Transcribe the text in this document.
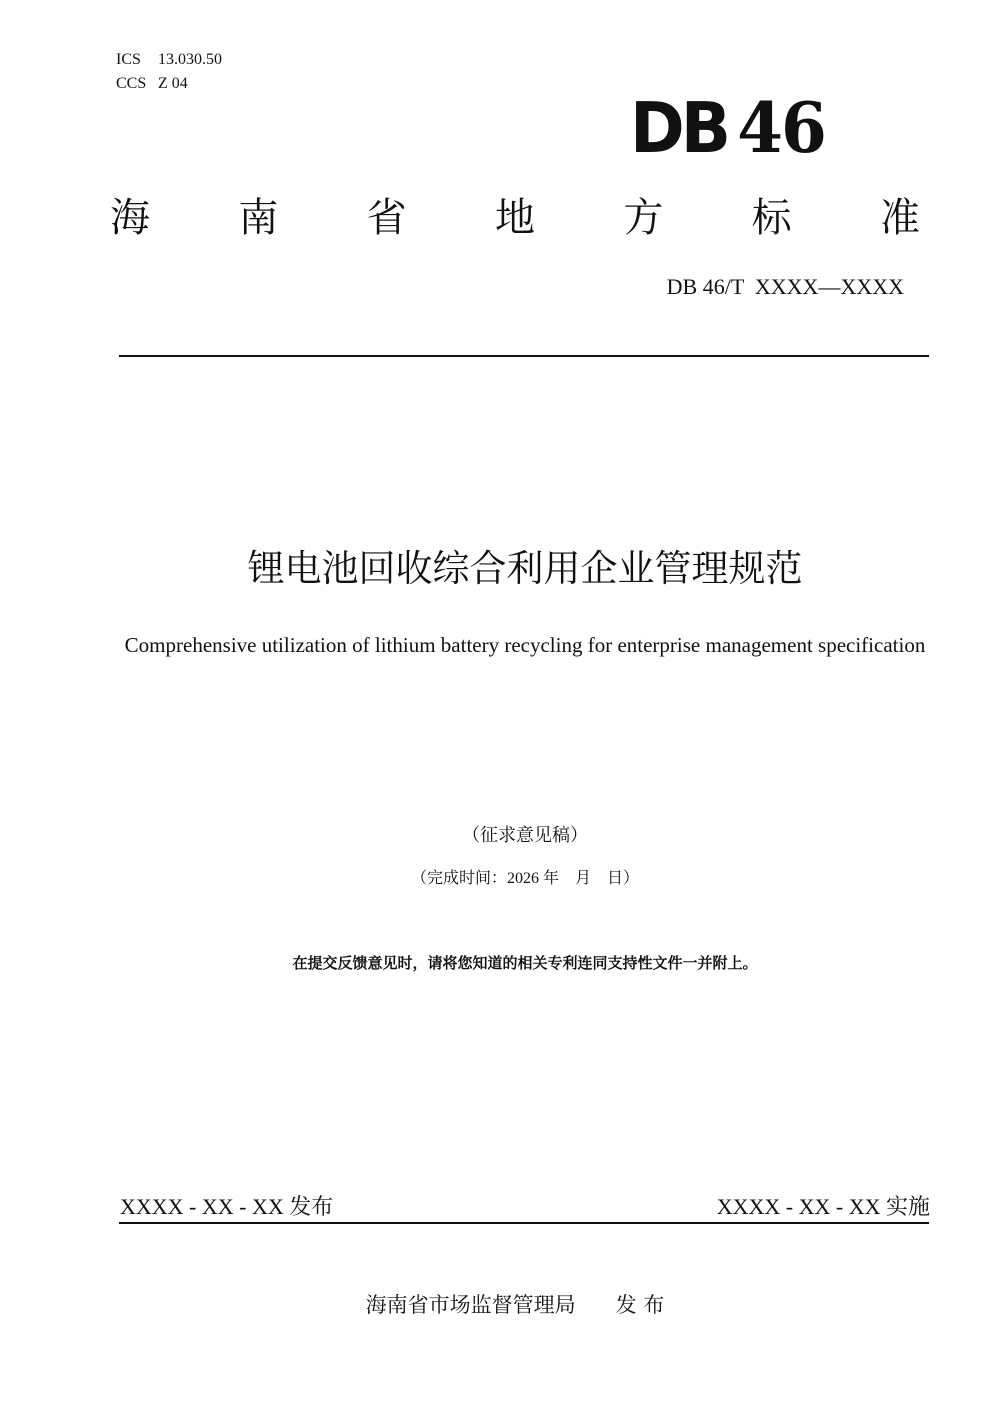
ICS 13.030.50
CCS Z 04
DB 46
海 南 省 地 方 标 准
DB 46/T  XXXX—XXXX
锂电池回收综合利用企业管理规范
Comprehensive utilization of lithium battery recycling for enterprise management specification
（征求意见稿）
（完成时间：2026 年    月    日）
在提交反馈意见时，请将您知道的相关专利连同支持性文件一并附上。
XXXX - XX - XX 发布	XXXX - XX - XX 实施
海南省市场监督管理局      发 布
